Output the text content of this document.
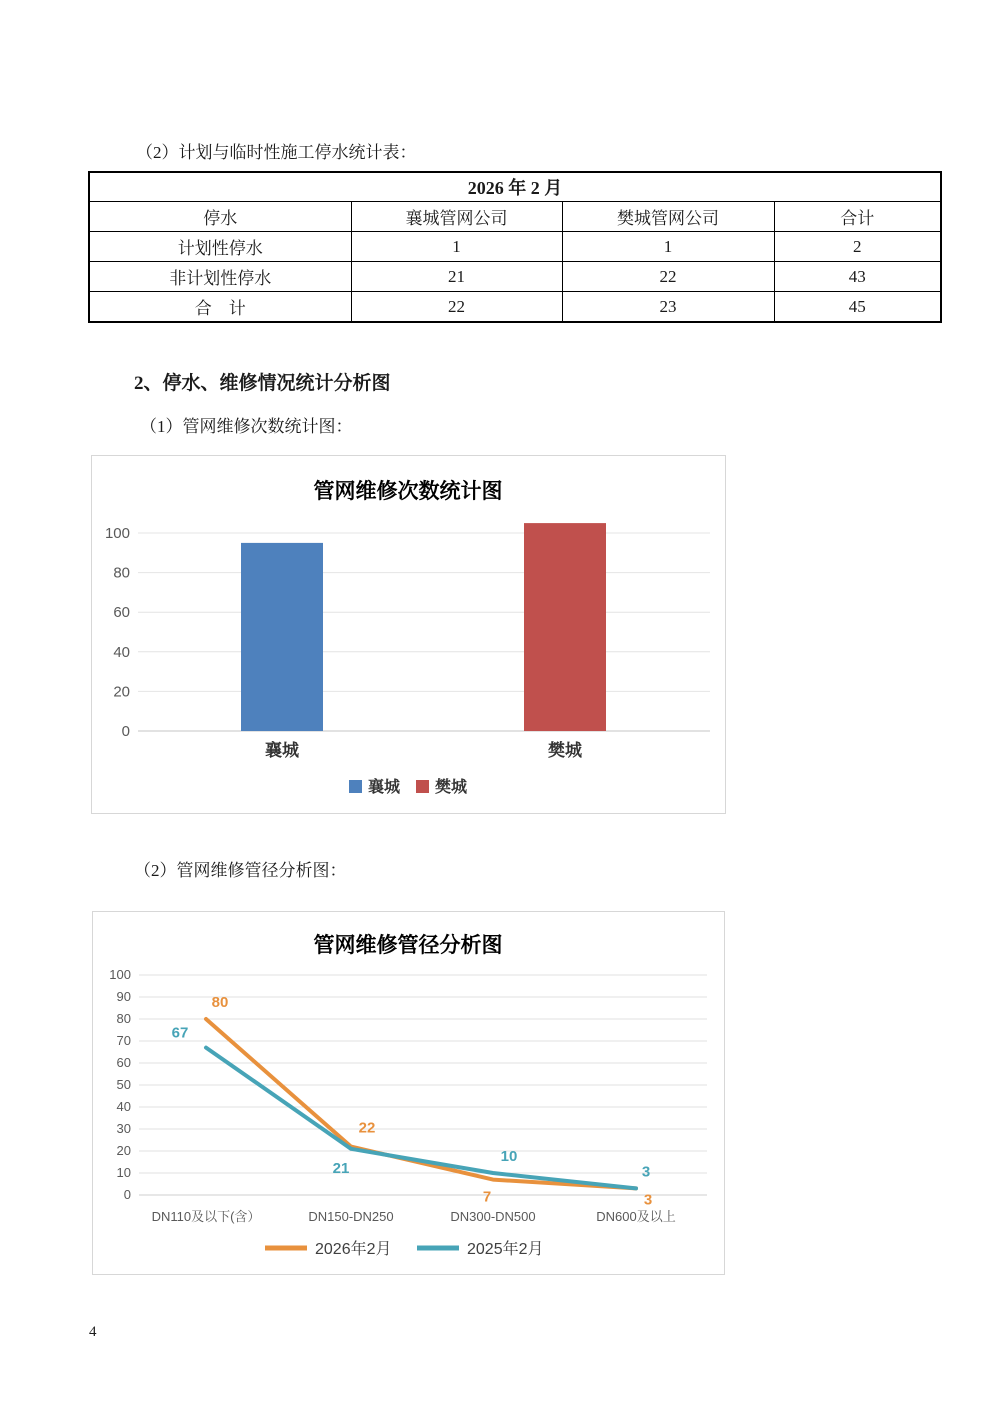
（2）计划与临时性施工停水统计表：
2026 年 2 月			
停水	襄城管网公司	樊城管网公司	合计
计划性停水	1	1	2
非计划性停水	21	22	43
合　计	22	23	45
2、停水、维修情况统计分析图
（1）管网维修次数统计图：
管网维修次数统计图
0
20
40
60
80
100
襄城	樊城
襄城 樊城
（2）管网维修管径分析图：
管网维修管径分析图
0
10
20
30
40
50
60
70
80
90
100
DN110及以下(含）	DN150-DN250	DN300-DN500	DN600及以上
80
22
7	3
67
21
10
3
2026年2月	2025年2月
4
